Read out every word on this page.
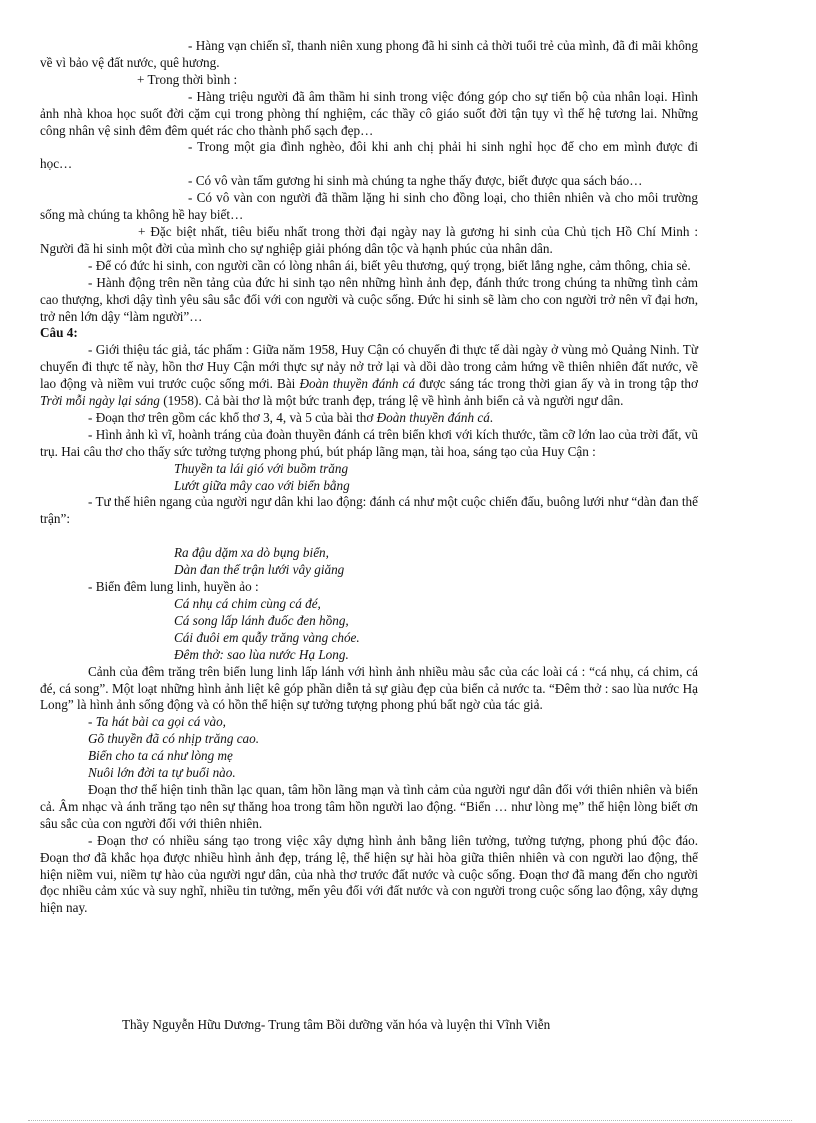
- Hàng vạn chiến sĩ, thanh niên xung phong đã hi sinh cả thời tuổi trẻ của mình, đã đi mãi không về vì bảo vệ đất nước, quê hương.

+ Trong thời bình :

- Hàng triệu người đã âm thầm hi sinh trong việc đóng góp cho sự tiến bộ của nhân loại. Hình ảnh nhà khoa học suốt đời cặm cụi trong phòng thí nghiệm, các thầy cô giáo suốt đời tận tụy vì thế hệ tương lai. Những công nhân vệ sinh đêm đêm quét rác cho thành phố sạch đẹp…

- Trong một gia đình nghèo, đôi khi anh chị phải hi sinh nghỉ học để cho em mình được đi học…

- Có vô vàn tấm gương hi sinh mà chúng ta nghe thấy được, biết được qua sách báo…

- Có vô vàn con người đã thầm lặng hi sinh cho đồng loại, cho thiên nhiên và cho môi trường sống mà chúng ta không hề hay biết…

+ Đặc biệt nhất, tiêu biểu nhất trong thời đại ngày nay là gương hi sinh của Chủ tịch Hồ Chí Minh : Người đã hi sinh một đời của mình cho sự nghiệp giải phóng dân tộc và hạnh phúc của nhân dân.

- Để có đức hi sinh, con người cần có lòng nhân ái, biết yêu thương, quý trọng, biết lắng nghe, cảm thông, chia sẻ.

- Hành động trên nền tảng của đức hi sinh tạo nên những hình ảnh đẹp, đánh thức trong chúng ta những tình cảm cao thượng, khơi dậy tình yêu sâu sắc đối với con người và cuộc sống. Đức hi sinh sẽ làm cho con người trở nên vĩ đại hơn, trở nên lớn dậy “làm người”…

Câu 4:

- Giới thiệu tác giả, tác phẩm : Giữa năm 1958, Huy Cận có chuyến đi thực tế dài ngày ở vùng mỏ Quảng Ninh. Từ chuyến đi thực tế này, hồn thơ Huy Cận mới thực sự nảy nở trở lại và dồi dào trong cảm hứng về thiên nhiên đất nước, về lao động và niềm vui trước cuộc sống mới. Bài Đoàn thuyền đánh cá được sáng tác trong thời gian ấy và in trong tập thơ Trời mỗi ngày lại sáng (1958). Cả bài thơ là một bức tranh đẹp, tráng lệ về hình ảnh biển cả và người ngư dân.

- Đoạn thơ trên gồm các khổ thơ 3, 4, và 5 của bài thơ Đoàn thuyền đánh cá.

- Hình ảnh kì vĩ, hoành tráng của đoàn thuyền đánh cá trên biển khơi với kích thước, tầm cỡ lớn lao của trời đất, vũ trụ. Hai câu thơ cho thấy sức tưởng tượng phong phú, bút pháp lãng mạn, tài hoa, sáng tạo của Huy Cận :

Thuyền ta lái gió với buồm trăng

Lướt giữa mây cao với biển bằng

- Tư thế hiên ngang của người ngư dân khi lao động: đánh cá như một cuộc chiến đấu, buông lưới như “dàn đan thế trận”:

Ra đậu dặm xa dò bụng biển,

Dàn đan thế trận lưới vây giăng

- Biển đêm lung linh, huyền ảo :

Cá nhụ cá chim cùng cá đé,

Cá song lấp lánh đuốc đen hồng,

Cái đuôi em quẫy trăng vàng chóe.

Đêm thở: sao lùa nước Hạ Long.

Cảnh của đêm trăng trên biển lung linh lấp lánh với hình ảnh nhiều màu sắc của các loài cá : “cá nhụ, cá chim, cá đé, cá song”. Một loạt những hình ảnh liệt kê góp phần diễn tả sự giàu đẹp của biển cả nước ta. “Đêm thở : sao lùa nước Hạ Long” là hình ảnh sống động và có hồn thể hiện sự tưởng tượng phong phú bất ngờ của tác giả.

- Ta hát bài ca gọi cá vào,

Gõ thuyền đã có nhịp trăng cao.

Biển cho ta cá như lòng mẹ

Nuôi lớn đời ta tự buổi nào.

Đoạn thơ thể hiện tinh thần lạc quan, tâm hồn lãng mạn và tình cảm của người ngư dân đối với thiên nhiên và biển cả. Âm nhạc và ánh trăng tạo nên sự thăng hoa trong tâm hồn người lao động. “Biển … như lòng mẹ” thể hiện lòng biết ơn sâu sắc của con người đối với thiên nhiên.

- Đoạn thơ có nhiều sáng tạo trong việc xây dựng hình ảnh bằng liên tưởng, tưởng tượng, phong phú độc đáo. Đoạn thơ đã khắc họa được nhiều hình ảnh đẹp, tráng lệ, thể hiện sự hài hòa giữa thiên nhiên và con người lao động, thể hiện niềm vui, niềm tự hào của người ngư dân, của nhà thơ trước đất nước và cuộc sống. Đoạn thơ đã mang đến cho người đọc nhiều cảm xúc và suy nghĩ, nhiều tin tưởng, mến yêu đối với đất nước và con người trong cuộc sống lao động, xây dựng hiện nay.

Thầy Nguyễn Hữu Dương- Trung tâm Bồi dưỡng văn hóa và luyện thi Vĩnh Viễn
